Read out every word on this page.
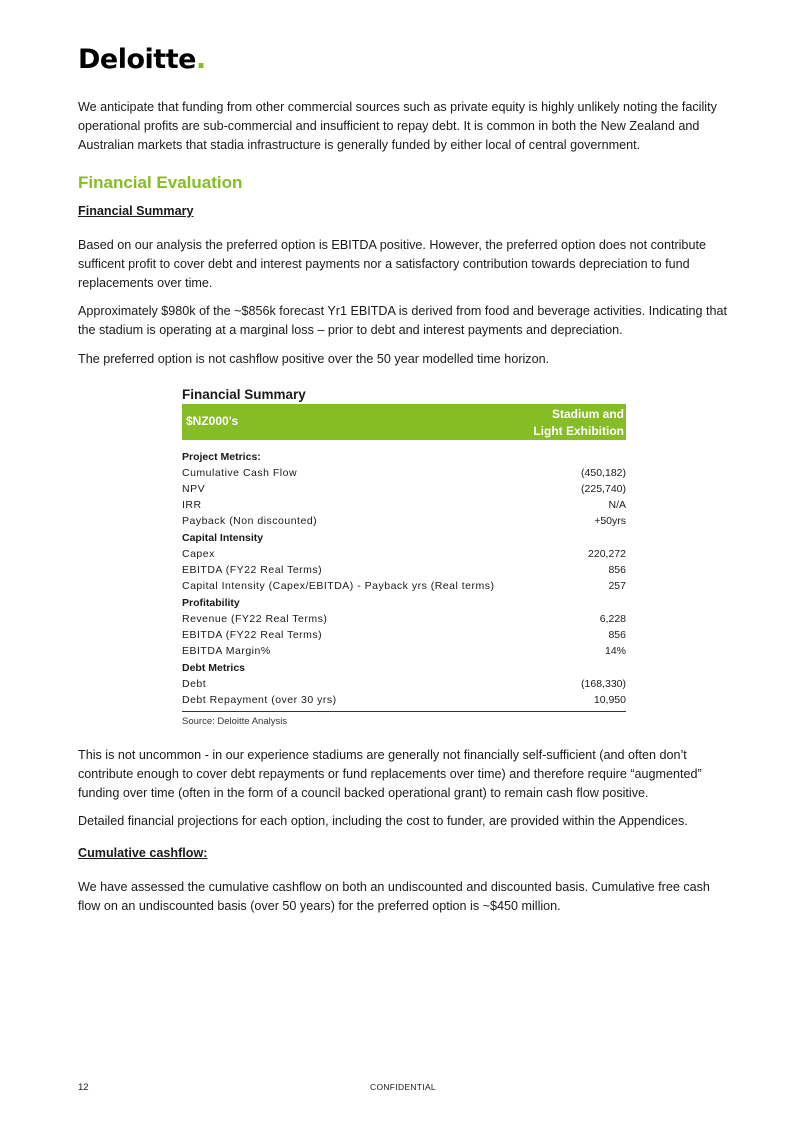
Deloitte.

We anticipate that funding from other commercial sources such as private equity is highly unlikely noting the facility operational profits are sub-commercial and insufficient to repay debt. It is common in both the New Zealand and Australian markets that stadia infrastructure is generally funded by either local of central government.

Financial Evaluation
Financial Summary

Based on our analysis the preferred option is EBITDA positive. However, the preferred option does not contribute sufficent profit to cover debt and interest payments nor a satisfactory contribution towards depreciation to fund replacements over time.

Approximately $980k of the ~$856k forecast Yr1 EBITDA is derived from food and beverage activities. Indicating that the stadium is operating at a marginal loss – prior to debt and interest payments and depreciation.

The preferred option is not cashflow positive over the 50 year modelled time horizon.

Financial Summary
$NZ000's	Stadium and
Light Exhibition
Project Metrics:
Cumulative Cash Flow	(450,182)
NPV	(225,740)
IRR	N/A
Payback (Non discounted)	+50yrs
Capital Intensity
Capex	220,272
EBITDA (FY22 Real Terms)	856
Capital Intensity (Capex/EBITDA) - Payback yrs (Real terms)	257
Profitability
Revenue (FY22 Real Terms)	6,228
EBITDA (FY22 Real Terms)	856
EBITDA Margin%	14%
Debt Metrics
Debt	(168,330)
Debt Repayment (over 30 yrs)	10,950
Source: Deloitte Analysis

This is not uncommon - in our experience stadiums are generally not financially self-sufficient (and often don’t contribute enough to cover debt repayments or fund replacements over time) and therefore require “augmented” funding over time (often in the form of a council backed operational grant) to remain cash flow positive.

Detailed financial projections for each option, including the cost to funder, are provided within the Appendices.

Cumulative cashflow:

We have assessed the cumulative cashflow on both an undiscounted and discounted basis. Cumulative free cash flow on an undiscounted basis (over 50 years) for the preferred option is ~$450 million.

12	CONFIDENTIAL
